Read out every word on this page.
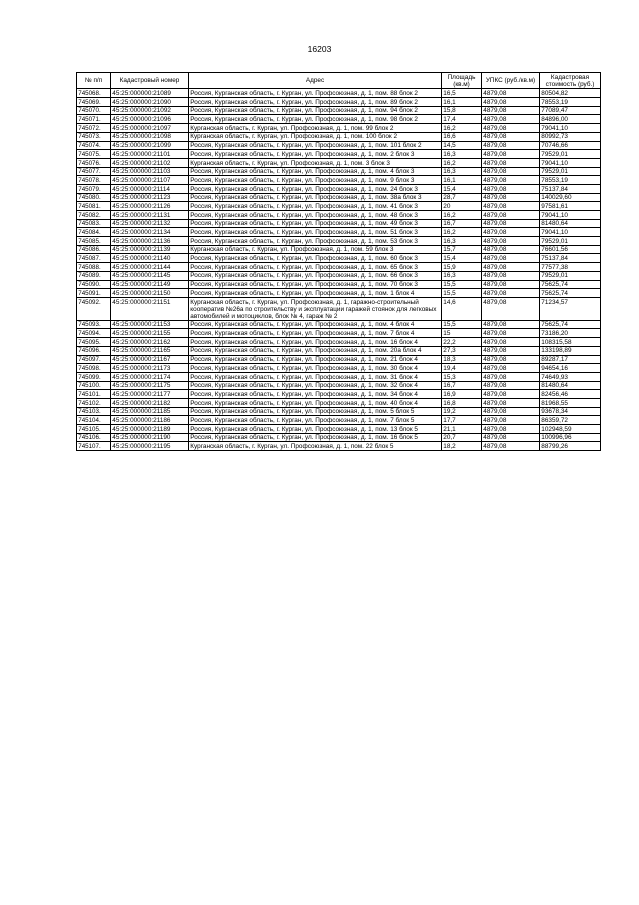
16203
№ п/п	Кадастровый номер	Адрес	Площадь (кв.м)	УПКС (руб./кв.м)	Кадастровая стоимость (руб.)
745068.	45:25:000000:21089	Россия, Курганская область, г. Курган, ул. Профсоюзная, д. 1, пом. 88 блок 2	16,5	4879,08	80504,82
745069.	45:25:000000:21090	Россия, Курганская область, г. Курган, ул. Профсоюзная, д. 1, пом. 89 блок 2	16,1	4879,08	78553,19
745070.	45:25:000000:21092	Россия, Курганская область, г. Курган, ул. Профсоюзная, д. 1, пом. 94 блок 2	15,8	4879,08	77089,47
745071.	45:25:000000:21096	Россия, Курганская область, г. Курган, ул. Профсоюзная, д. 1, пом. 98 блок 2	17,4	4879,08	84896,00
745072.	45:25:000000:21097	Курганская область, г. Курган, ул. Профсоюзная, д. 1, пом. 99 блок 2	16,2	4879,08	79041,10
745073.	45:25:000000:21098	Курганская область, г. Курган, ул. Профсоюзная, д. 1, пом. 100 блок 2	16,6	4879,08	80992,73
745074.	45:25:000000:21099	Россия, Курганская область, г. Курган, ул. Профсоюзная, д. 1, пом. 101 блок 2	14,5	4879,08	70746,66
745075.	45:25:000000:21101	Россия, Курганская область, г. Курган, ул. Профсоюзная, д. 1, пом. 2 блок 3	16,3	4879,08	79529,01
745076.	45:25:000000:21102	Курганская область, г. Курган, ул. Профсоюзная, д. 1, пом. 3 блок 3	16,2	4879,08	79041,10
745077.	45:25:000000:21103	Россия, Курганская область, г. Курган, ул. Профсоюзная, д. 1, пом. 4 блок 3	16,3	4879,08	79529,01
745078.	45:25:000000:21107	Россия, Курганская область, г. Курган, ул. Профсоюзная, д. 1, пом. 9 блок 3	16,1	4879,08	78553,19
745079.	45:25:000000:21114	Россия, Курганская область, г. Курган, ул. Профсоюзная, д. 1, пом. 24 блок 3	15,4	4879,08	75137,84
745080.	45:25:000000:21123	Россия, Курганская область, г. Курган, ул. Профсоюзная, д. 1, пом. 38а блок 3	28,7	4879,08	140029,60
745081.	45:25:000000:21126	Россия, Курганская область, г. Курган, ул. Профсоюзная, д. 1, пом. 41 блок 3	20	4879,08	97581,61
745082.	45:25:000000:21131	Россия, Курганская область, г. Курган, ул. Профсоюзная, д. 1, пом. 48 блок 3	16,2	4879,08	79041,10
745083.	45:25:000000:21132	Россия, Курганская область, г. Курган, ул. Профсоюзная, д. 1, пом. 49 блок 3	16,7	4879,08	81480,64
745084.	45:25:000000:21134	Россия, Курганская область, г. Курган, ул. Профсоюзная, д. 1, пом. 51 блок 3	16,2	4879,08	79041,10
745085.	45:25:000000:21136	Россия, Курганская область, г. Курган, ул. Профсоюзная, д. 1, пом. 53 блок 3	16,3	4879,08	79529,01
745086.	45:25:000000:21139	Курганская область, г. Курган, ул. Профсоюзная, д. 1, пом. 59 блок 3	15,7	4879,08	76601,56
745087.	45:25:000000:21140	Россия, Курганская область, г. Курган, ул. Профсоюзная, д. 1, пом. 60 блок 3	15,4	4879,08	75137,84
745088.	45:25:000000:21144	Россия, Курганская область, г. Курган, ул. Профсоюзная, д. 1, пом. 65 блок 3	15,9	4879,08	77577,38
745089.	45:25:000000:21145	Россия, Курганская область, г. Курган, ул. Профсоюзная, д. 1, пом. 66 блок 3	16,3	4879,08	79529,01
745090.	45:25:000000:21149	Россия, Курганская область, г. Курган, ул. Профсоюзная, д. 1, пом. 70 блок 3	15,5	4879,08	75625,74
745091.	45:25:000000:21150	Россия, Курганская область, г. Курган, ул. Профсоюзная, д. 1, пом. 1 блок 4	15,5	4879,08	75625,74
745092.	45:25:000000:21151	Курганская область, г. Курган, ул. Профсоюзная, д. 1, гаражно-строительный кооператив №26а по строительству и эксплуатации гаражей стоянок для легковых автомобилей и мотоциклов, блок № 4, гараж № 2	14,6	4879,08	71234,57
745093.	45:25:000000:21153	Россия, Курганская область, г. Курган, ул. Профсоюзная, д. 1, пом. 4 блок 4	15,5	4879,08	75625,74
745094.	45:25:000000:21155	Россия, Курганская область, г. Курган, ул. Профсоюзная, д. 1, пом. 7 блок 4	15	4879,08	73186,20
745095.	45:25:000000:21162	Россия, Курганская область, г. Курган, ул. Профсоюзная, д. 1, пом. 16 блок 4	22,2	4879,08	108315,58
745096.	45:25:000000:21165	Россия, Курганская область, г. Курган, ул. Профсоюзная, д. 1, пом. 20а блок 4	27,3	4879,08	133198,89
745097.	45:25:000000:21167	Россия, Курганская область, г. Курган, ул. Профсоюзная, д. 1, пом. 21 блок 4	18,3	4879,08	89287,17
745098.	45:25:000000:21173	Россия, Курганская область, г. Курган, ул. Профсоюзная, д. 1, пом. 30 блок 4	19,4	4879,08	94654,16
745099.	45:25:000000:21174	Россия, Курганская область, г. Курган, ул. Профсоюзная, д. 1, пом. 31 блок 4	15,3	4879,08	74649,93
745100.	45:25:000000:21175	Россия, Курганская область, г. Курган, ул. Профсоюзная, д. 1, пом. 32 блок 4	16,7	4879,08	81480,64
745101.	45:25:000000:21177	Россия, Курганская область, г. Курган, ул. Профсоюзная, д. 1, пом. 34 блок 4	16,9	4879,08	82456,46
745102.	45:25:000000:21182	Россия, Курганская область, г. Курган, ул. Профсоюзная, д. 1, пом. 40 блок 4	16,8	4879,08	81968,55
745103.	45:25:000000:21185	Россия, Курганская область, г. Курган, ул. Профсоюзная, д. 1, пом. 5 блок 5	19,2	4879,08	93678,34
745104.	45:25:000000:21186	Россия, Курганская область, г. Курган, ул. Профсоюзная, д. 1, пом. 7 блок 5	17,7	4879,08	86359,72
745105.	45:25:000000:21189	Россия, Курганская область, г. Курган, ул. Профсоюзная, д. 1, пом. 13 блок 5	21,1	4879,08	102948,59
745106.	45:25:000000:21190	Россия, Курганская область, г. Курган, ул. Профсоюзная, д. 1, пом. 16 блок 5	20,7	4879,08	100996,96
745107.	45:25:000000:21195	Курганская область, г. Курган, ул. Профсоюзная, д. 1, пом. 22 блок 5	18,2	4879,08	88799,26
